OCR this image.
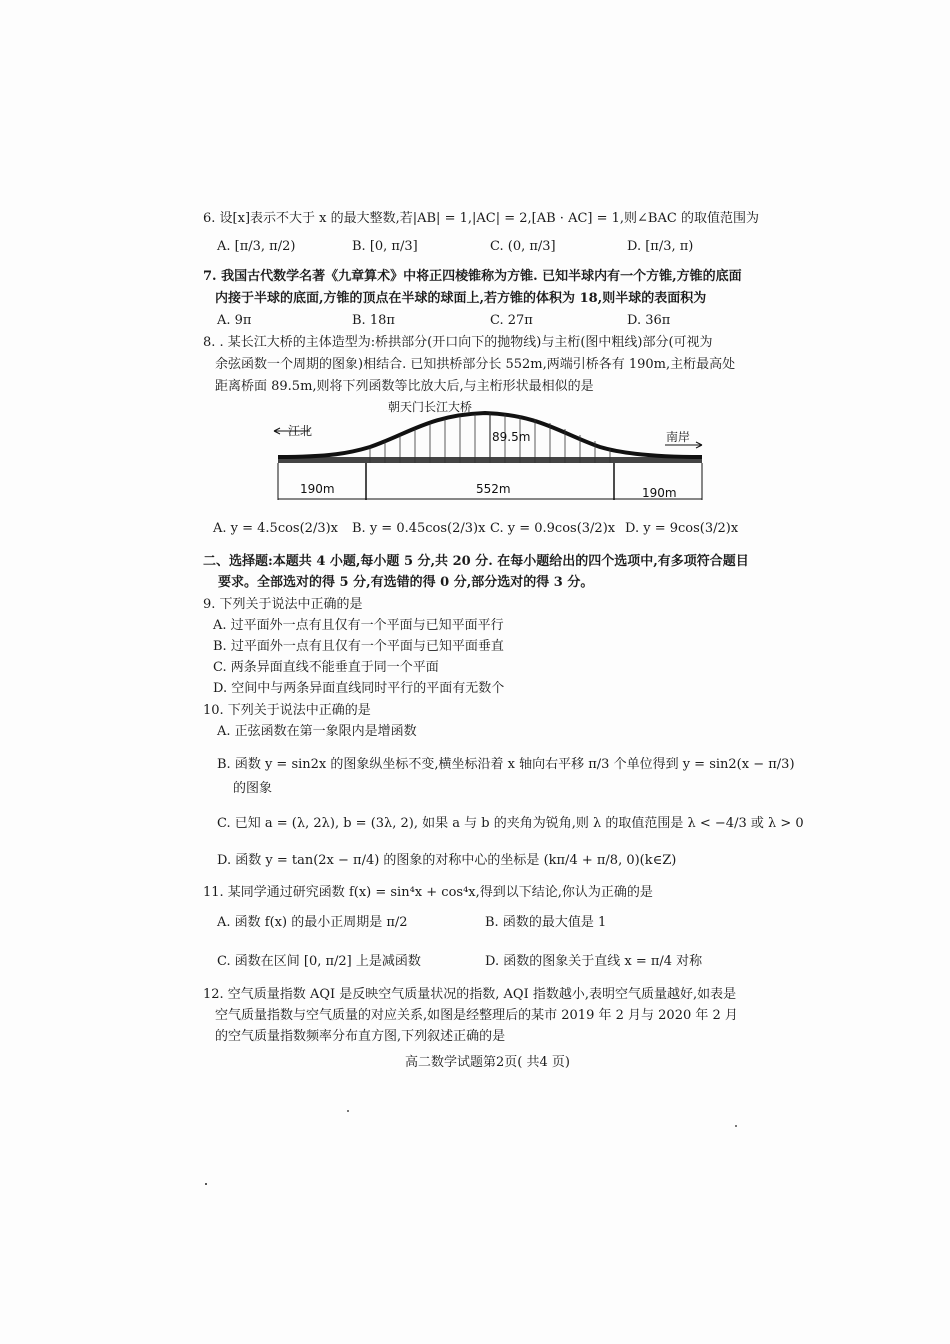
6. 设[x]表示不大于 x 的最大整数,若|AB| = 1,|AC| = 2,[AB · AC] = 1,则∠BAC 的取值范围为
A. [π/3, π/2)	B. [0, π/3]	C. (0, π/3]	D. [π/3, π)
7. 我国古代数学名著《九章算术》中将正四棱锥称为方锥. 已知半球内有一个方锥,方锥的底面
内接于半球的底面,方锥的顶点在半球的球面上,若方锥的体积为 18,则半球的表面积为
A. 9π	B. 18π	C. 27π	D. 36π
8. . 某长江大桥的主体造型为:桥拱部分(开口向下的抛物线)与主桁(图中粗线)部分(可视为
余弦函数一个周期的图象)相结合. 已知拱桥部分长 552m,两端引桥各有 190m,主桁最高处
距离桥面 89.5m,则将下列函数等比放大后,与主桁形状最相似的是
朝天门长江大桥
江北	南岸
89.5m
190m	552m	190m
A. y = 4.5cos(2/3)x B. y = 0.45cos(2/3)x C. y = 0.9cos(3/2)x D. y = 9cos(3/2)x
二、选择题:本题共 4 小题,每小题 5 分,共 20 分. 在每小题给出的四个选项中,有多项符合题目
要求。全部选对的得 5 分,有选错的得 0 分,部分选对的得 3 分。
9. 下列关于说法中正确的是
A. 过平面外一点有且仅有一个平面与已知平面平行
B. 过平面外一点有且仅有一个平面与已知平面垂直
C. 两条异面直线不能垂直于同一个平面
D. 空间中与两条异面直线同时平行的平面有无数个
10. 下列关于说法中正确的是
A. 正弦函数在第一象限内是增函数
B. 函数 y = sin2x 的图象纵坐标不变,横坐标沿着 x 轴向右平移 π/3 个单位得到 y = sin2(x − π/3)
的图象
C. 已知 a = (λ, 2λ), b = (3λ, 2), 如果 a 与 b 的夹角为锐角,则 λ 的取值范围是 λ < −4/3 或 λ > 0
D. 函数 y = tan(2x − π/4) 的图象的对称中心的坐标是 (kπ/4 + π/8, 0)(k∈Z)
11. 某同学通过研究函数 f(x) = sin⁴x + cos⁴x,得到以下结论,你认为正确的是
A. 函数 f(x) 的最小正周期是 π/2	B. 函数的最大值是 1
C. 函数在区间 [0, π/2] 上是减函数	D. 函数的图象关于直线 x = π/4 对称
12. 空气质量指数 AQI 是反映空气质量状况的指数, AQI 指数越小,表明空气质量越好,如表是
空气质量指数与空气质量的对应关系,如图是经整理后的某市 2019 年 2 月与 2020 年 2 月
的空气质量指数频率分布直方图,下列叙述正确的是
高二数学试题第2页( 共4 页)
